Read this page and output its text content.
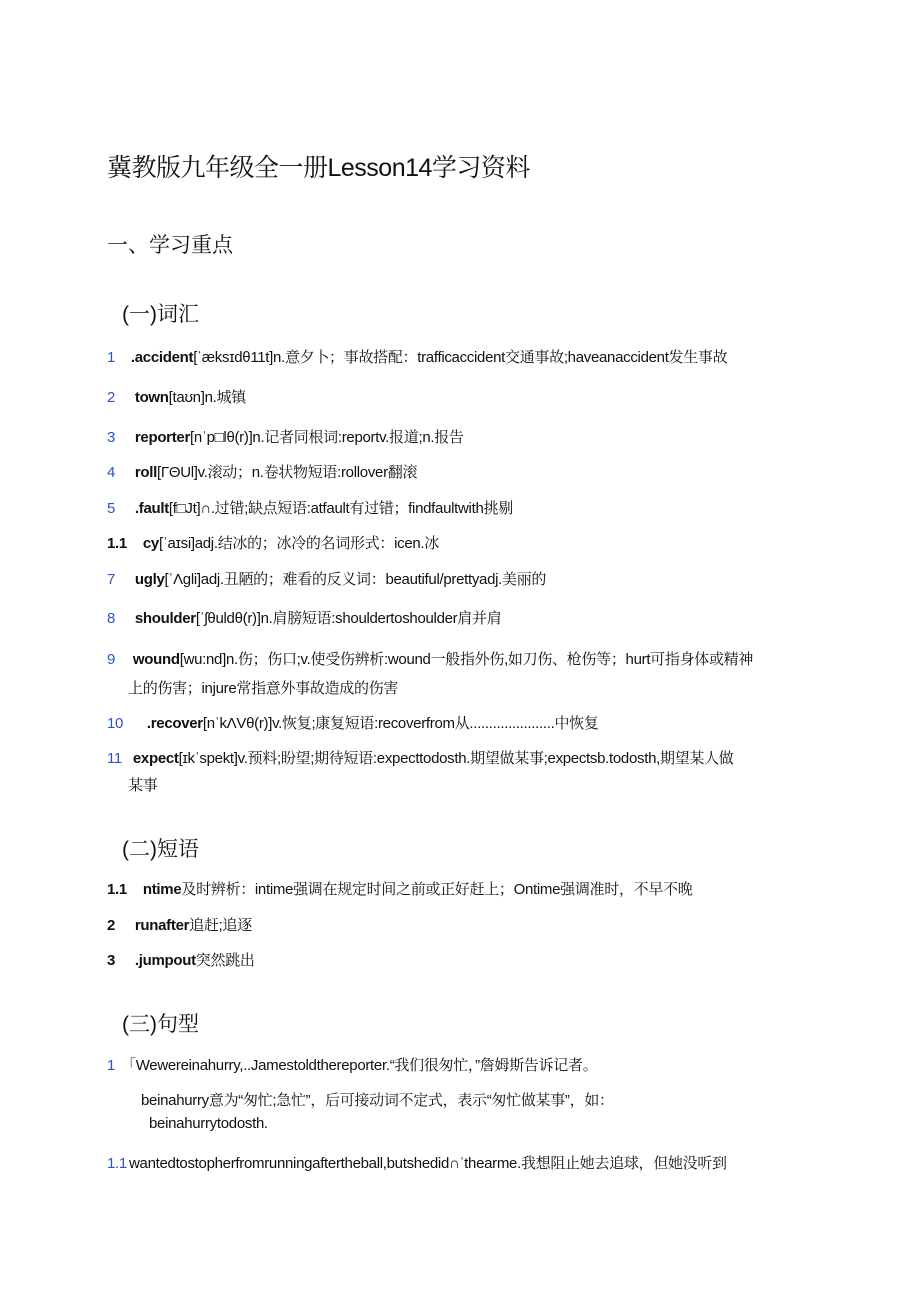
冀教版九年级全一册Lesson14学习资料
一、学习重点
(一)词汇
1 .accident[ˈæksɪdθ11t]n.意夕卜；事故搭配：trafficaccident交通事故;haveanaccident发生事故
2 town[taʊn]n.城镇
3 reporter[nˈp□lθ(r)]n.记者同根词:reportv.报道;n.报告
4 roll[ΓΘUl]v.滚动；n.卷状物短语:rollover翻滚
5 .fault[f□Jt]∩.过错;缺点短语:atfault有过错；findfaultwith挑剔
1.1 cy[ˈaɪsi]adj.结冰的；冰冷的名词形式：icen.冰
7 ugly[ˈΛgli]adj.丑陋的；难看的反义词：beautiful/prettyadj.美丽的
8 shoulder[ˈʃθuldθ(r)]n.肩膀短语:shouldertoshoulder肩并肩
9 wound[wu:nd]n.伤；伤口;v.使受伤辨析:wound一般指外伤,如刀伤、枪伤等；hurt可指身体或精神
上的伤害；injure常指意外事故造成的伤害
10 .recover[nˈkΛVθ(r)]v.恢复;康复短语:recoverfrom从......................中恢复
11 expect[ɪkˈspekt]v.预料;盼望;期待短语:expecttodosth.期望做某事;expectsb.todosth,期望某人做
某事
(二)短语
1.1 ntime及时辨析：intime强调在规定时间之前或正好赶上；Ontime强调准时，不早不晚
2 runafter追赶;追逐
3 .jumpout突然跳出
(三)句型
1 「Wewereinahurry,..Jamestoldthereporter.“我们很匆忙，”詹姆斯告诉记者。
beinahurry意为“匆忙;急忙”，后可接动词不定式，表示“匆忙做某事”，如：
beinahurrytodosth.
1.1 wantedtostopherfromrunningaftertheball,butshedid∩ˈthearme.我想阻止她去追球，但她没听到
